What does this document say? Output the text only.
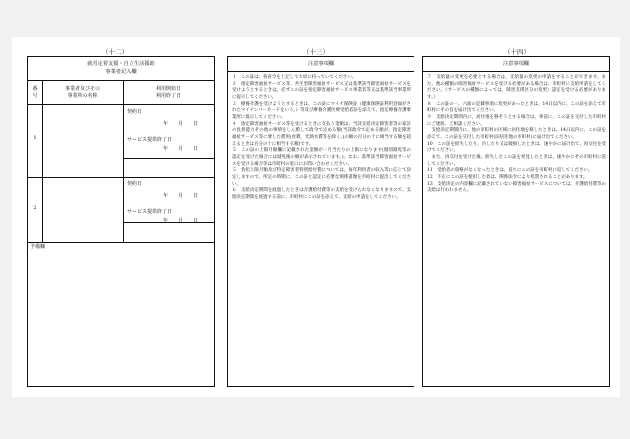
（十二）
就労定着支援・自立生活援助
事業者記入欄
番
号
事業者及びその
事業所の名称
利用開始日
利用終了日
1
契約日
年　　月　　日
サービス提供終了日
年　　月　　日
2
契約日
年　　月　　日
サービス提供終了日
年　　月　　日
予備欄
（十三）
注意事項欄

１　この証は、各省令を上記して大切に持っていてください。

２　指定障害福祉サービス等、共生型障害福祉サービス又は基準該当障害福祉サービスを受けようとするときは、必ずこの証を指定障害福祉サービス事業者等又は基準該当事業所に提示してください。

３　療養介護を受けようとするときは、この証にマイナ保険証（健康保険証利用登録がされたマイナンバーカードをいう。）等及び療養介護医療受給者証を添えて、指定療養介護事業所に提示してください。

４　指定障害福祉サービス等を受けるときに支払う金額は、当該支給決定障害者等の家計の負担能力その他の事情をしん酌して政令で定める額(当該政令で定める額が、指定障害福祉サービス等に要した費用(食費、光熱水費等を除く。)の額の百分の十に相当する額を超えるときは百分の十に相当する額)です。

５　この証の上限月額欄に記載された金額が一月当たりの上限になります(個別減免等の認定を受けた場合には減免後の額が表示されています。)。なお、基準該当障害福祉サービスを受ける場合等は市町村の窓口にお問い合わせください。

５　負担上限月額及び特定障害者特別給付費については、毎年利用者の収入等に応じて決定しますので、所定の時期に、この証と認定に必要な関係書類を市町村に提出してください。

６　支給決定期間を経過したときは介護給付費等の支給を受けられなくなりますので、支給決定期間を経過する前に、市町村にこの証を添えて、支給の申請をしてください。

（十四）
注意事項欄

７　支給量の変更を必要とする場合は、支給量の変更の申請をすることができます。また、他の種類の障害福祉サービスを受ける必要がある場合は、市町村に支給申請をしてください。（サービスの種類によっては、障害支援区分の変更）認定を受ける必要があります。）

８　この証の一、六面の記載事項に変更があったときは、14日以内に、この証を添えて市町村にその旨を届け出てください。

９　支給決定期間内に、居住地を移そうとする場合は、事前に、この証を交付した市町村にご連絡、ご相談ください。

　支給決定期間内に、他の市町村の区域に居住地を移したときは、14日以内に、この証を添えて、この証を交付した市町村(旧居住地の市町村)に届け出てください。

10　この証を紛失したり、汚したり又は破損したときは、速やかに届け出て、再交付を受けてください。

　また、再交付を受けた後、紛失したこの証を発見したときは、速やかにその市町村に返してください。

11　受給者の資格がなくなったときは、直ちにこの証を市町村に返してください。

12　不正にこの証を使用した者は、関係法令により処罰されることがあります。

13　支給決定の内容欄に記載されていない障害福祉サービスについては、介護給付費等の支給は行われません。
